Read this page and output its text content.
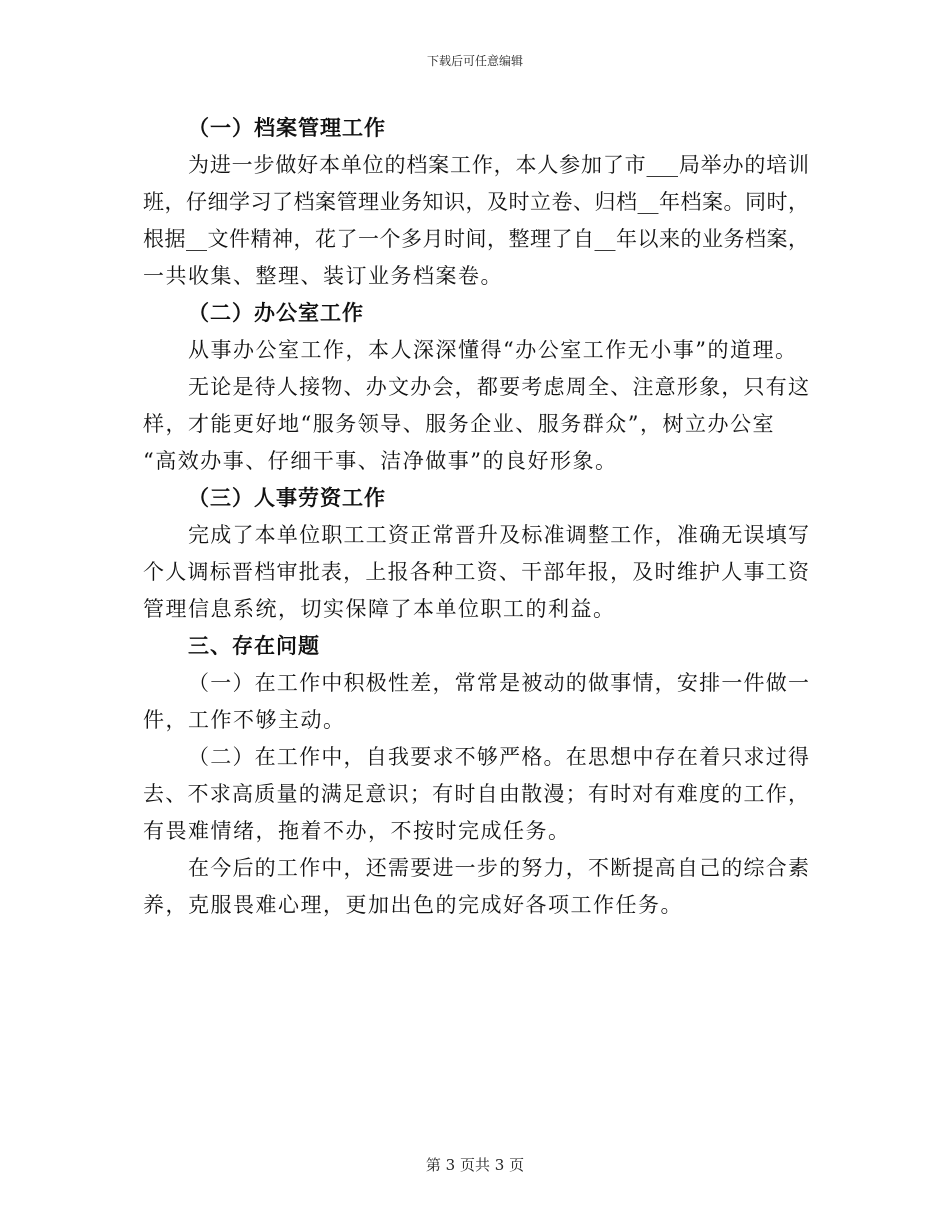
下载后可任意编辑
（一）档案管理工作
为进一步做好本单位的档案工作，本人参加了市___局举办的培训
班，仔细学习了档案管理业务知识，及时立卷、归档__年档案。同时，
根据__文件精神，花了一个多月时间，整理了自__年以来的业务档案，
一共收集、整理、装订业务档案卷。
（二）办公室工作
从事办公室工作，本人深深懂得“办公室工作无小事”的道理。
无论是待人接物、办文办会，都要考虑周全、注意形象，只有这
样，才能更好地“服务领导、服务企业、服务群众”，树立办公室
“高效办事、仔细干事、洁净做事”的良好形象。
（三）人事劳资工作
完成了本单位职工工资正常晋升及标准调整工作，准确无误填写
个人调标晋档审批表，上报各种工资、干部年报，及时维护人事工资
管理信息系统，切实保障了本单位职工的利益。
三、存在问题
（一）在工作中积极性差，常常是被动的做事情，安排一件做一
件，工作不够主动。
（二）在工作中，自我要求不够严格。在思想中存在着只求过得
去、不求高质量的满足意识；有时自由散漫；有时对有难度的工作，
有畏难情绪，拖着不办，不按时完成任务。
在今后的工作中，还需要进一步的努力，不断提高自己的综合素
养，克服畏难心理，更加出色的完成好各项工作任务。
第 3 页共 3 页
